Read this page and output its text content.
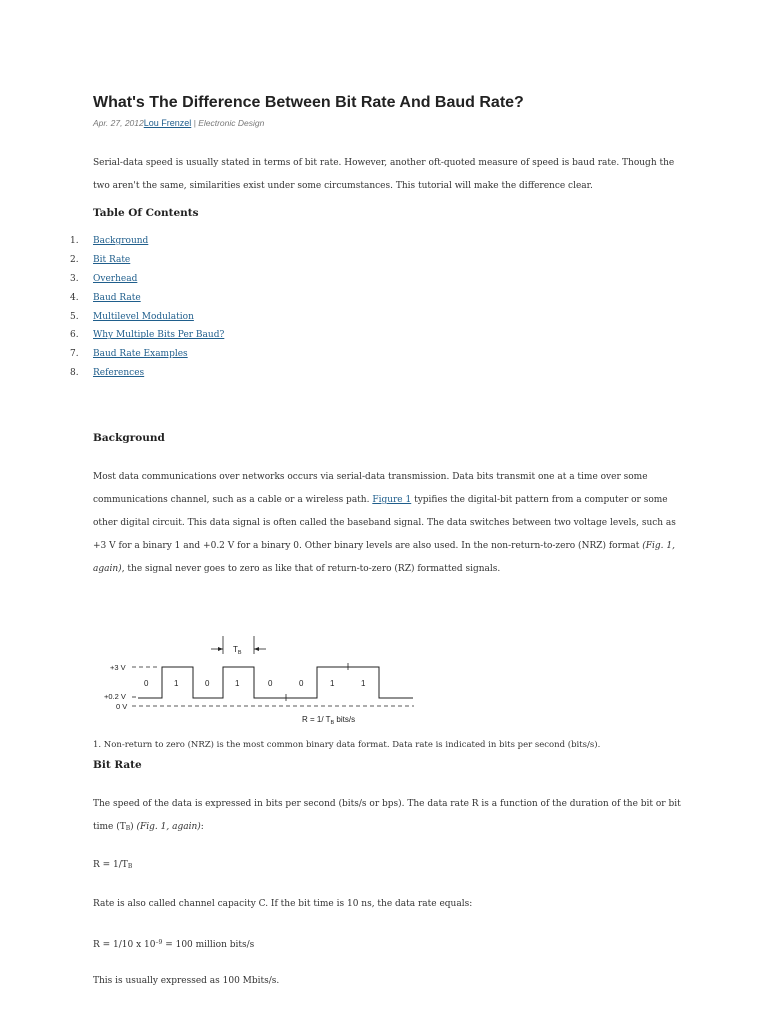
What's The Difference Between Bit Rate And Baud Rate?
Apr. 27, 2012Lou Frenzel | Electronic Design

Serial-data speed is usually stated in terms of bit rate. However, another oft-quoted measure of speed is baud rate. Though the two aren't the same, similarities exist under some circumstances. This tutorial will make the difference clear.

Table Of Contents
1. Background
2. Bit Rate
3. Overhead
4. Baud Rate
5. Multilevel Modulation
6. Why Multiple Bits Per Baud?
7. Baud Rate Examples
8. References
Background

Most data communications over networks occurs via serial-data transmission. Data bits transmit one at a time over some communications channel, such as a cable or a wireless path. Figure 1 typifies the digital-bit pattern from a computer or some other digital circuit. This data signal is often called the baseband signal. The data switches between two voltage levels, such as +3 V for a binary 1 and +0.2 V for a binary 0. Other binary levels are also used. In the non-return-to-zero (NRZ) format (Fig. 1, again), the signal never goes to zero as like that of return-to-zero (RZ) formatted signals.

$T_B$
+3 V
+0.2 V
0 V
0	1	0	1	0	0	1	1
R = 1/ $T_B$ bits/s

1. Non-return to zero (NRZ) is the most common binary data format. Data rate is indicated in bits per second (bits/s).

Bit Rate

The speed of the data is expressed in bits per second (bits/s or bps). The data rate R is a function of the duration of the bit or bit time (TB) (Fig. 1, again):

R = 1/TB

Rate is also called channel capacity C. If the bit time is 10 ns, the data rate equals:

R = 1/10 x $10^{-9} = 100$ million bits/s

This is usually expressed as 100 Mbits/s.
